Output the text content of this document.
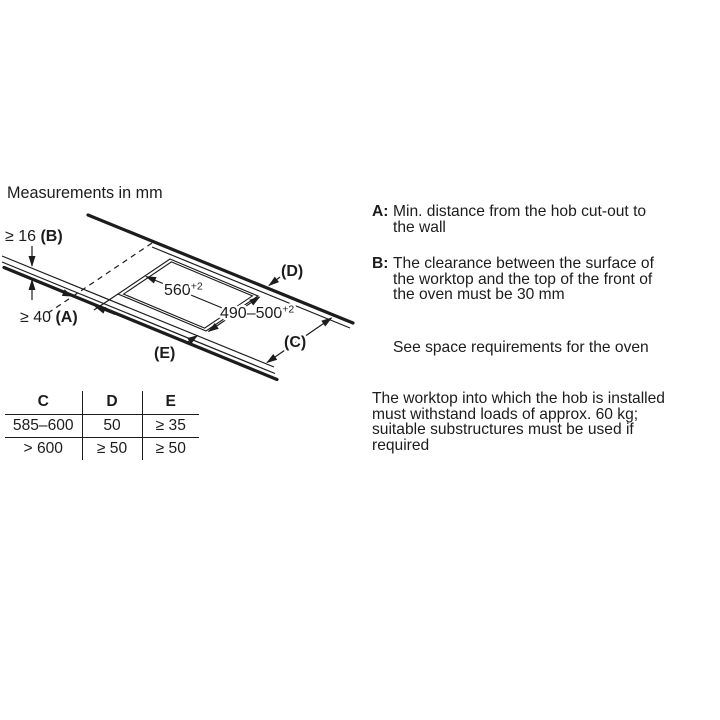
Measurements in mm
$560^{+2}$
$490-500^{+2}$
(C)
≥ 40 (A)
≥ 16 (B)
(D)
(E)
C	D	E
585–600	50	≥ 35
> 600	≥ 50	≥ 50
A: Min. distance from the hob cut-out to
the wall
B: The clearance between the surface of
the worktop and the top of the front of
the oven must be 30 mm
See space requirements for the oven
The worktop into which the hob is installed
must withstand loads of approx. 60 kg;
suitable substructures must be used if
required
